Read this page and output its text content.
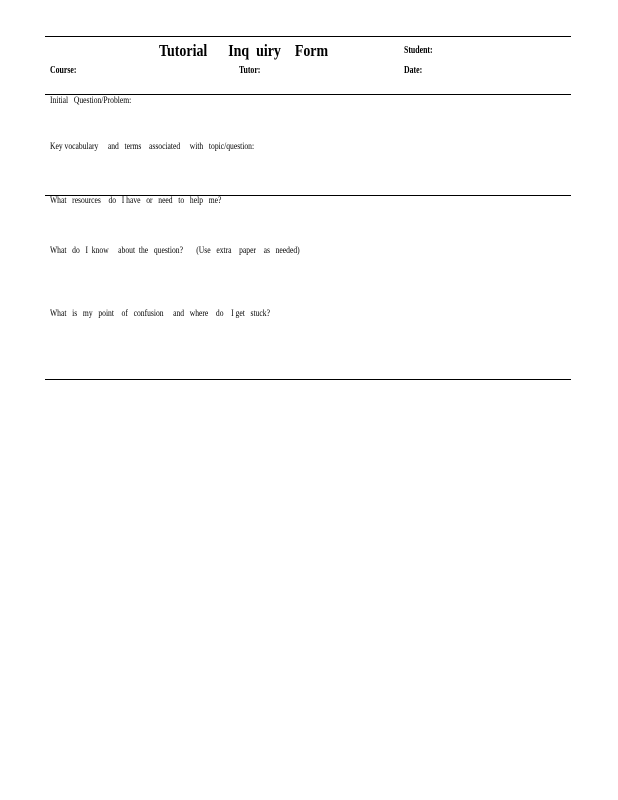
Tutorial      Inq  uiry    Form	Student:
Course:	Tutor:	Date:
Initial   Question/Problem:
Key vocabulary     and   terms    associated     with   topic/question:
What   resources    do   I have   or   need   to   help   me?
What   do   I  know     about  the   question?       (Use   extra    paper    as   needed)
What   is   my   point    of   confusion     and   where    do    I get   stuck?
